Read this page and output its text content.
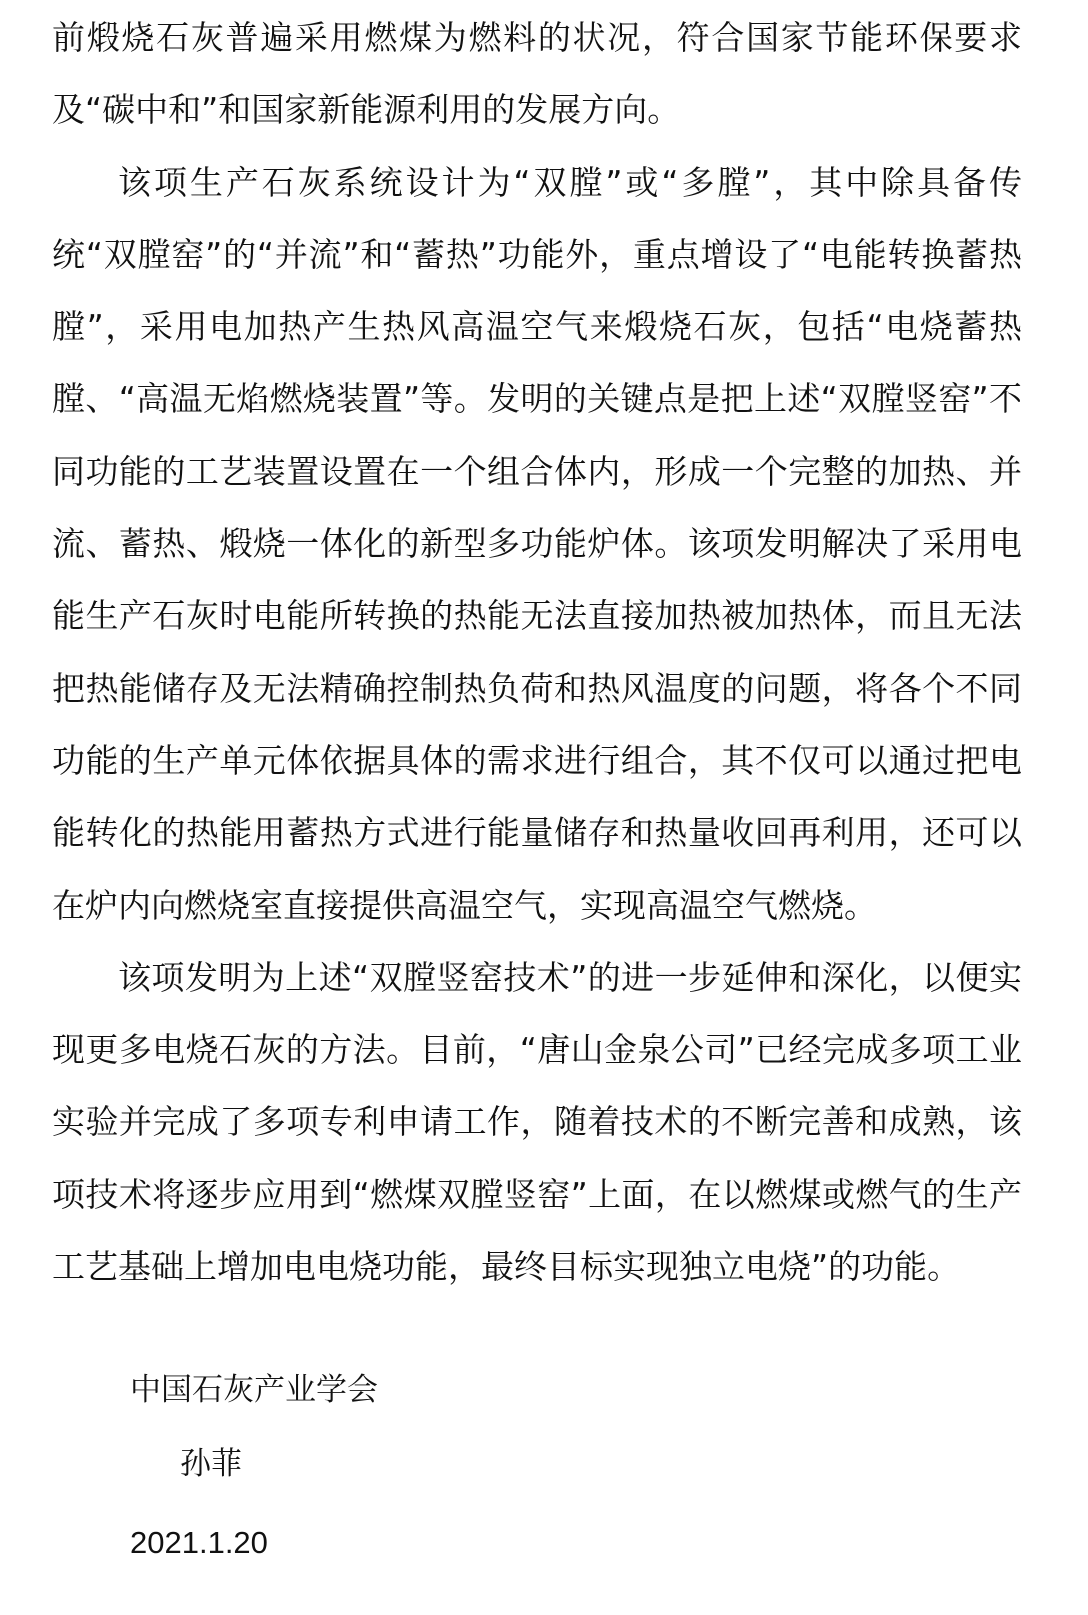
前煅烧石灰普遍采用燃煤为燃料的状况，符合国家节能环保要求及“碳中和”和国家新能源利用的发展方向。

该项生产石灰系统设计为“双膛”或“多膛”，其中除具备传统“双膛窑”的“并流”和“蓄热”功能外，重点增设了“电能转换蓄热膛”，采用电加热产生热风高温空气来煅烧石灰，包括“电烧蓄热膛、“高温无焰燃烧装置”等。发明的关键点是把上述“双膛竖窑”不同功能的工艺装置设置在一个组合体内，形成一个完整的加热、并流、蓄热、煅烧一体化的新型多功能炉体。该项发明解决了采用电能生产石灰时电能所转换的热能无法直接加热被加热体，而且无法把热能储存及无法精确控制热负荷和热风温度的问题，将各个不同功能的生产单元体依据具体的需求进行组合，其不仅可以通过把电能转化的热能用蓄热方式进行能量储存和热量收回再利用，还可以在炉内向燃烧室直接提供高温空气，实现高温空气燃烧。

该项发明为上述“双膛竖窑技术”的进一步延伸和深化，以便实现更多电烧石灰的方法。目前，“唐山金泉公司”已经完成多项工业实验并完成了多项专利申请工作，随着技术的不断完善和成熟，该项技术将逐步应用到“燃煤双膛竖窑”上面，在以燃煤或燃气的生产工艺基础上增加电电烧功能，最终目标实现独立电烧”的功能。

中国石灰产业学会
孙菲
2021.1.20
